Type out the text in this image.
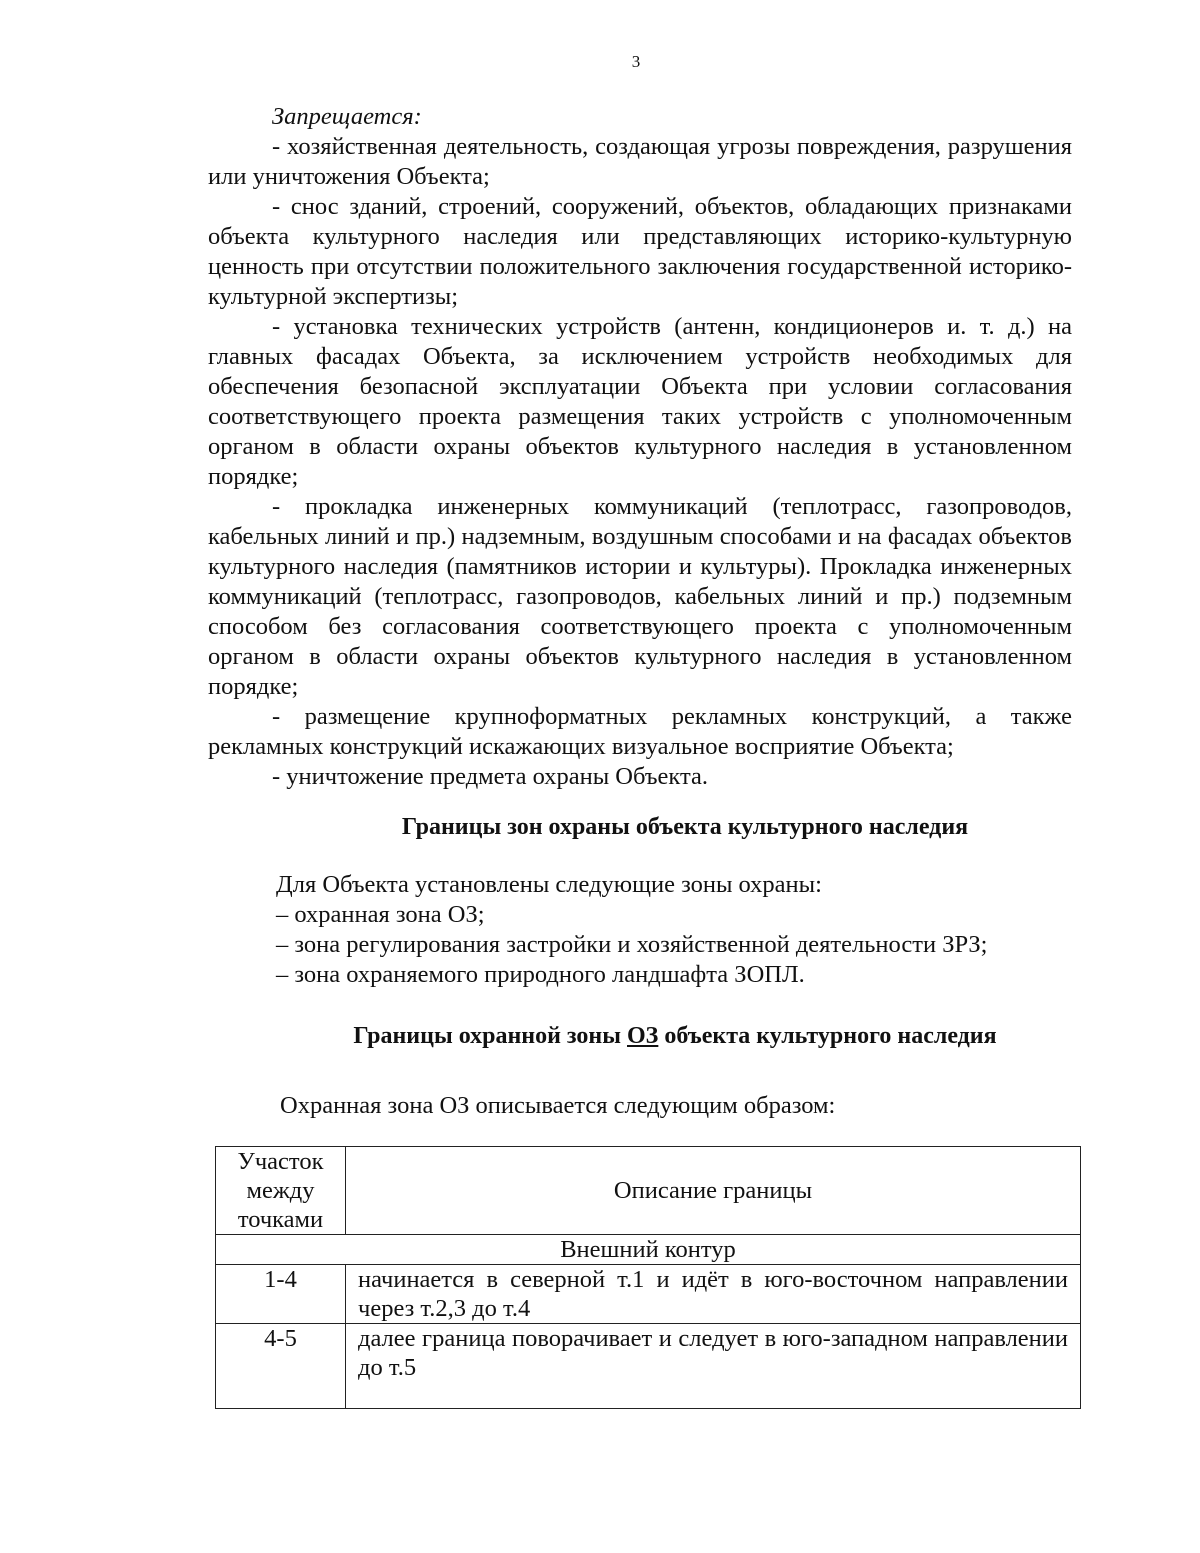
3

Запрещается:

- хозяйственная деятельность, создающая угрозы повреждения, разрушения или уничтожения Объекта;

- снос зданий, строений, сооружений, объектов, обладающих признаками объекта культурного наследия или представляющих историко-культурную ценность при отсутствии положительного заключения государственной историко-культурной экспертизы;

- установка технических устройств (антенн, кондиционеров и. т. д.) на главных фасадах Объекта, за исключением устройств необходимых для обеспечения безопасной эксплуатации Объекта при условии согласования соответствующего проекта размещения таких устройств с уполномоченным органом в области охраны объектов культурного наследия в установленном порядке;

- прокладка инженерных коммуникаций (теплотрасс, газопроводов, кабельных линий и пр.) надземным, воздушным способами и на фасадах объектов культурного наследия (памятников истории и культуры). Прокладка инженерных коммуникаций (теплотрасс, газопроводов, кабельных линий и пр.) подземным способом без согласования соответствующего проекта с уполномоченным органом в области охраны объектов культурного наследия в установленном порядке;

- размещение крупноформатных рекламных конструкций, а также рекламных конструкций искажающих визуальное восприятие Объекта;

- уничтожение предмета охраны Объекта.

Границы зон охраны объекта культурного наследия

Для Объекта установлены следующие зоны охраны:

– охранная зона ОЗ;

– зона регулирования застройки и хозяйственной деятельности ЗРЗ;

– зона охраняемого природного ландшафта ЗОПЛ.

Границы охранной зоны ОЗ объекта культурного наследия

Охранная зона ОЗ описывается следующим образом:

Участок между точками	Описание границы
Внешний контур	
1-4	начинается в северной т.1 и идёт в юго-восточном направлении через т.2,3 до т.4
4-5	далее граница поворачивает и следует в юго-западном направлении до т.5
